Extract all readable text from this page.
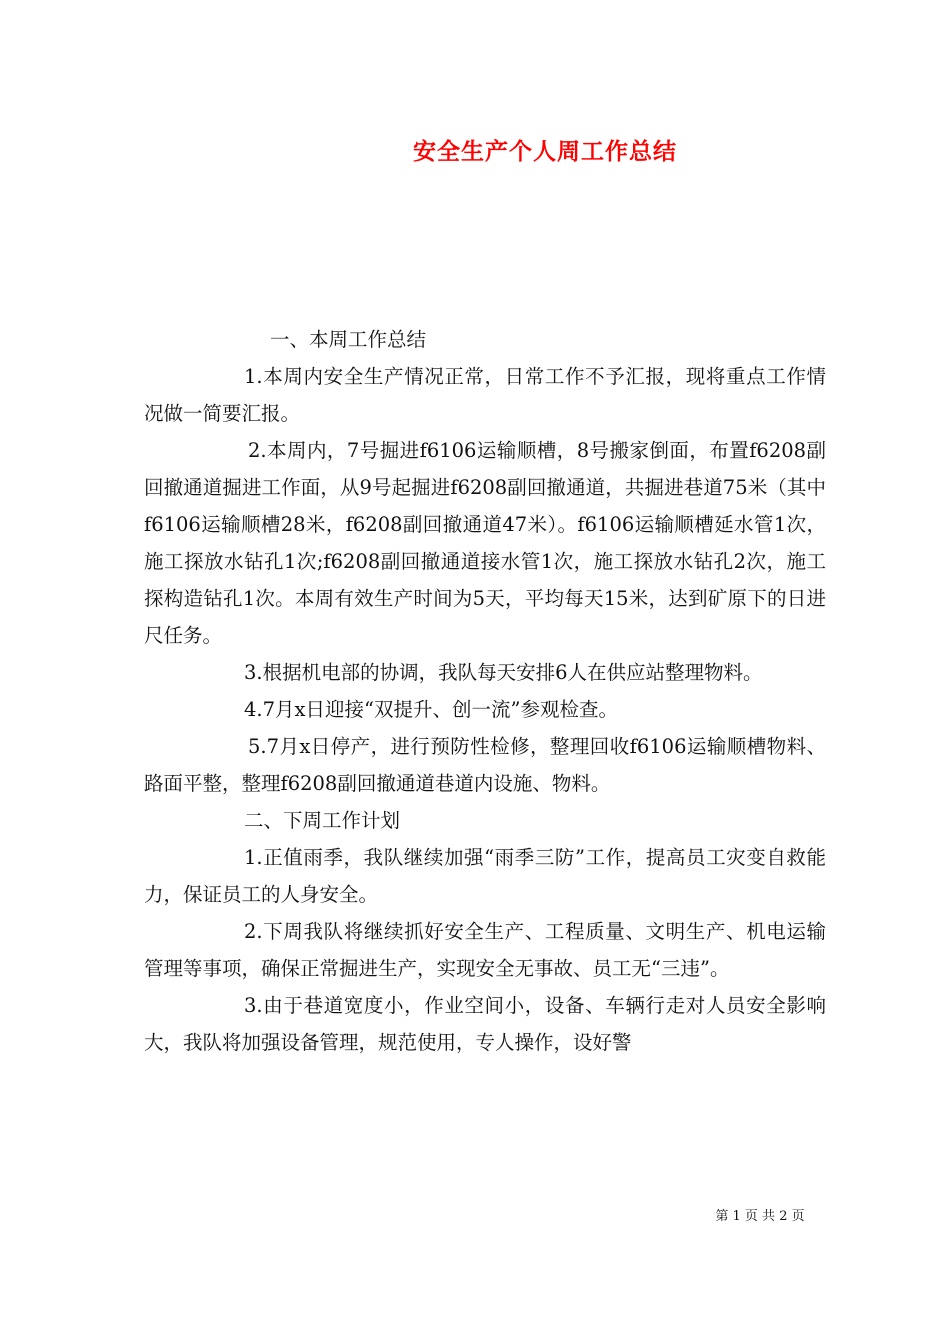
安全生产个人周工作总结

一、本周工作总结

1.本周内安全生产情况正常，日常工作不予汇报，现将重点工作情况做一简要汇报。

2.本周内，7号掘进f6106运输顺槽，8号搬家倒面，布置f6208副回撤通道掘进工作面，从9号起掘进f6208副回撤通道，共掘进巷道75米（其中f6106运输顺槽28米，f6208副回撤通道47米）。f6106运输顺槽延水管1次，施工探放水钻孔1次;f6208副回撤通道接水管1次，施工探放水钻孔2次，施工探构造钻孔1次。本周有效生产时间为5天，平均每天15米，达到矿原下的日进尺任务。

3.根据机电部的协调，我队每天安排6人在供应站整理物料。

4.7月x日迎接“双提升、创一流”参观检查。

5.7月x日停产，进行预防性检修，整理回收f6106运输顺槽物料、路面平整，整理f6208副回撤通道巷道内设施、物料。

二、下周工作计划

1.正值雨季，我队继续加强“雨季三防”工作，提高员工灾变自救能力，保证员工的人身安全。

2.下周我队将继续抓好安全生产、工程质量、文明生产、机电运输管理等事项，确保正常掘进生产，实现安全无事故、员工无“三违”。

3.由于巷道宽度小，作业空间小，设备、车辆行走对人员安全影响大，我队将加强设备管理，规范使用，专人操作，设好警

第 1 页 共 2 页
